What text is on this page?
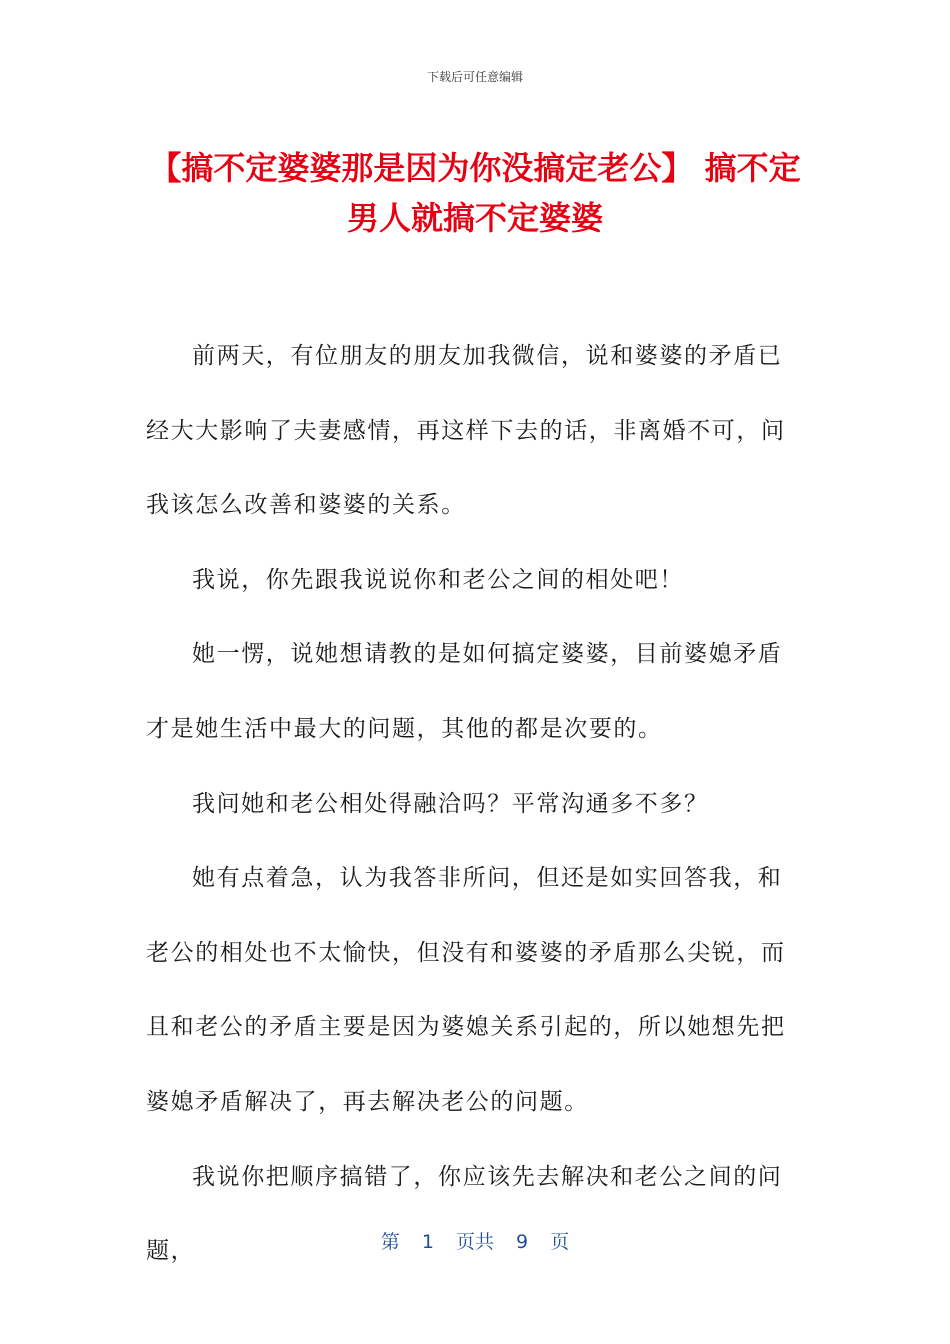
下载后可任意编辑
【搞不定婆婆那是因为你没搞定老公】 搞不定男人就搞不定婆婆

前两天，有位朋友的朋友加我微信，说和婆婆的矛盾已经大大影响了夫妻感情，再这样下去的话，非离婚不可，问我该怎么改善和婆婆的关系。

我说，你先跟我说说你和老公之间的相处吧！

她一愣，说她想请教的是如何搞定婆婆，目前婆媳矛盾才是她生活中最大的问题，其他的都是次要的。

我问她和老公相处得融洽吗？平常沟通多不多？

她有点着急，认为我答非所问，但还是如实回答我，和老公的相处也不太愉快，但没有和婆婆的矛盾那么尖锐，而且和老公的矛盾主要是因为婆媳关系引起的，所以她想先把婆媳矛盾解决了，再去解决老公的问题。

我说你把顺序搞错了，你应该先去解决和老公之间的问题，	第 1 页共 9 页
